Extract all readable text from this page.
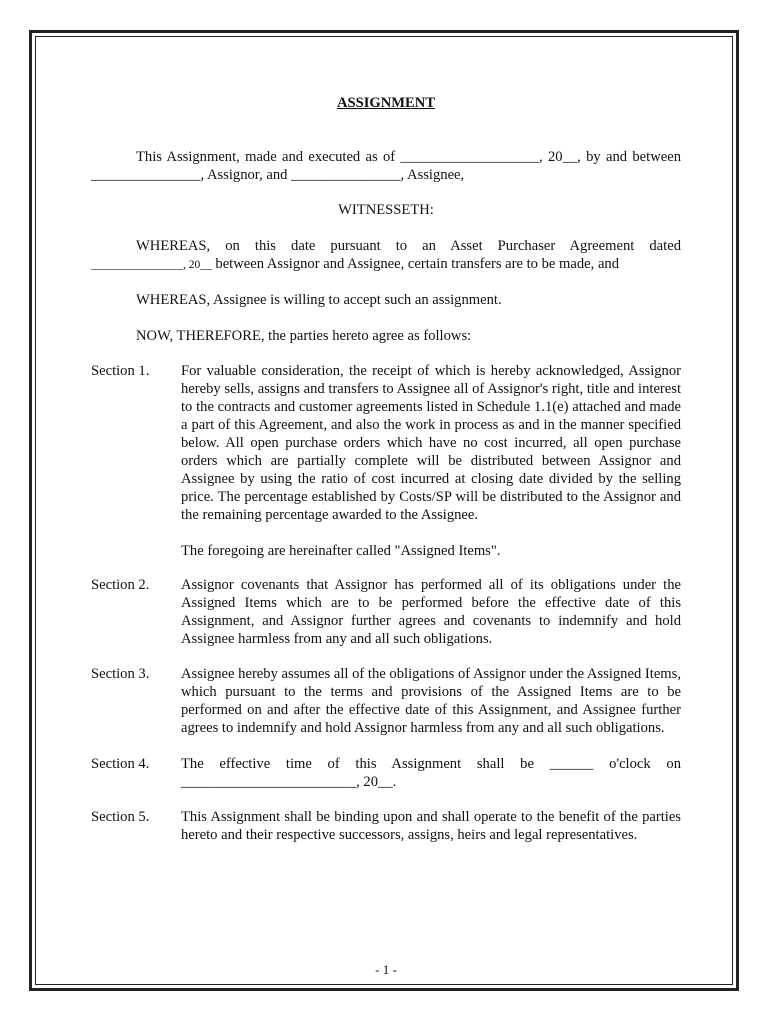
ASSIGNMENT
This Assignment, made and executed as of ___________________, 20__, by and between
_______________, Assignor, and _______________, Assignee,
WITNESSETH:
WHEREAS, on this date pursuant to an Asset Purchaser Agreement dated
________________, 20__ between Assignor and Assignee, certain transfers are to be made, and
WHEREAS, Assignee is willing to accept such an assignment.
NOW, THEREFORE, the parties hereto agree as follows:
Section 1.	For valuable consideration, the receipt of which is hereby acknowledged, Assignor hereby sells, assigns and transfers to Assignee all of Assignor's right, title and interest to the contracts and customer agreements listed in Schedule 1.1(e) attached and made a part of this Agreement, and also the work in process as and in the manner specified below. All open purchase orders which have no cost incurred, all open purchase orders which are partially complete will be distributed between Assignor and Assignee by using the ratio of cost incurred at closing date divided by the selling price. The percentage established by Costs/SP will be distributed to the Assignor and the remaining percentage awarded to the Assignee.
The foregoing are hereinafter called "Assigned Items".
Section 2.	Assignor covenants that Assignor has performed all of its obligations under the Assigned Items which are to be performed before the effective date of this Assignment, and Assignor further agrees and covenants to indemnify and hold Assignee harmless from any and all such obligations.
Section 3.	Assignee hereby assumes all of the obligations of Assignor under the Assigned Items, which pursuant to the terms and provisions of the Assigned Items are to be performed on and after the effective date of this Assignment, and Assignee further agrees to indemnify and hold Assignor harmless from any and all such obligations.
Section 4.	The effective time of this Assignment shall be ______ o'clock on
________________________, 20__.
Section 5.	This Assignment shall be binding upon and shall operate to the benefit of the parties hereto and their respective successors, assigns, heirs and legal representatives.
- 1 -
